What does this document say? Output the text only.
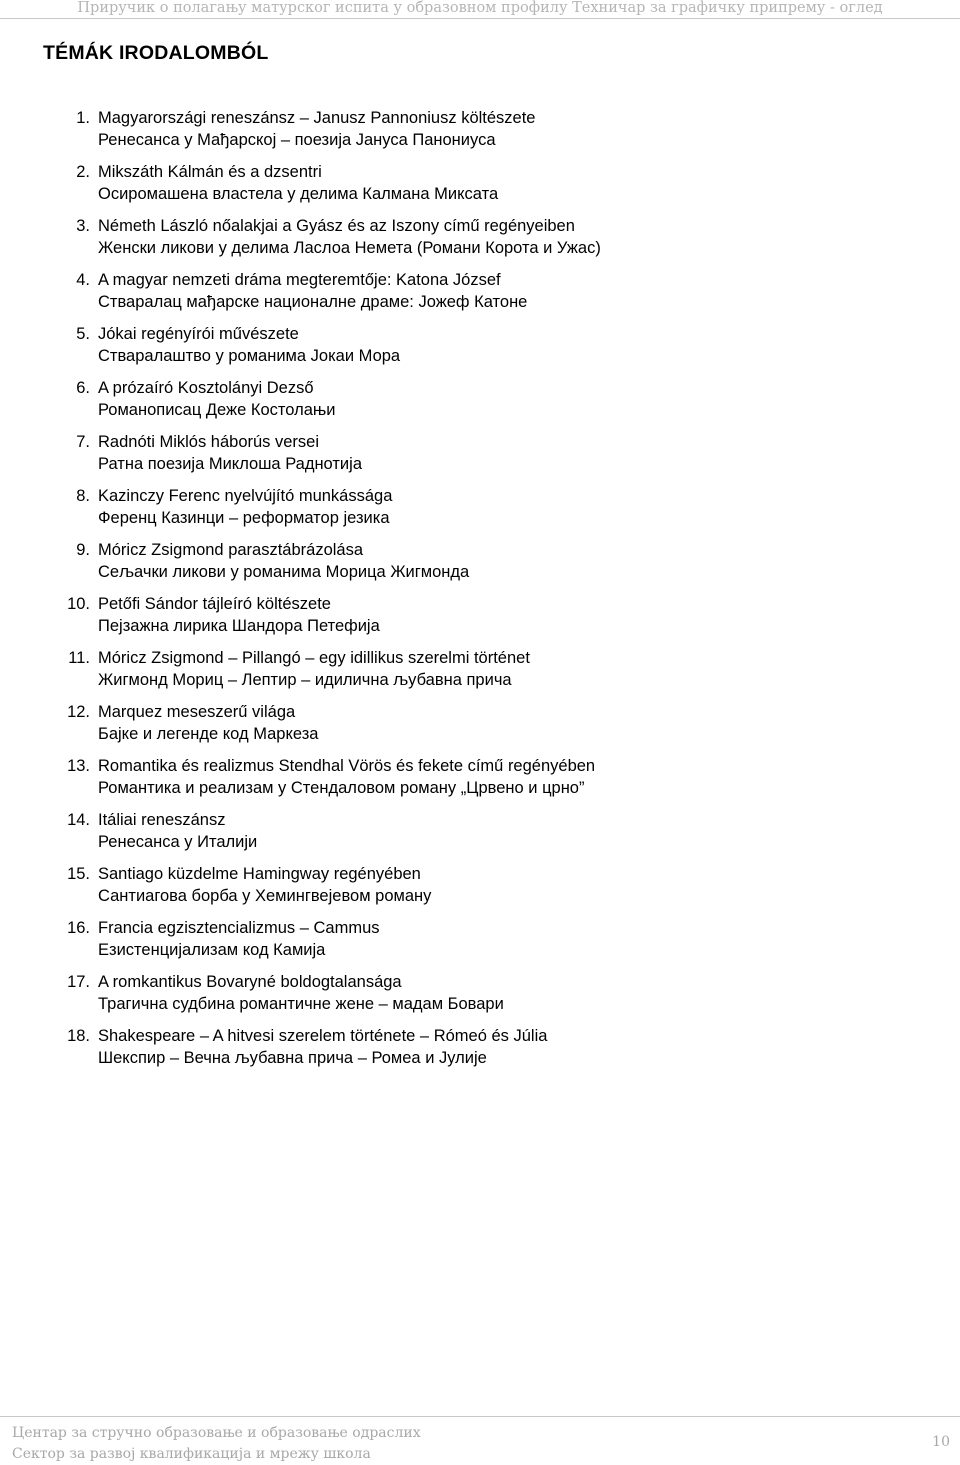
Приручик о полагању матурског испита у образовном профилу Техничар за графичку припрему - оглед
TÉMÁK IRODALOMBÓL
1. Magyarországi reneszánsz – Janusz Pannoniusz költészete
Ренесанса у Мађарској – поезија Јануса Панониуса
2. Mikszáth Kálmán és a dzsentri
Осиромашена властела у делима Калмана Миксата
3. Németh László nőalakjai a Gyász és az Iszony című regényeiben
Женски ликови у делима Ласлоа Немета (Романи Корота и Ужас)
4. A magyar nemzeti dráma megteremtője: Katona József
Стваралац мађарске националне драме: Јожеф Катоне
5. Jókai regényírói művészete
Стваралаштво у романима Јокаи Мора
6. A prózaíró Kosztolányi Dezső
Романописац Деже Костолањи
7. Radnóti Miklós háborús versei
Ратна поезија Миклоша Раднотија
8. Kazinczy Ferenc nyelvújító munkássága
Ференц Казинци – реформатор језика
9. Móricz Zsigmond parasztábrázolása
Сељачки ликови у романима Морица Жигмонда
10. Petőfi Sándor tájleíró költészete
Пејзажна лирика Шандора Петефија
11. Móricz Zsigmond – Pillangó – egy idillikus szerelmi történet
Жигмонд Мориц – Лептир – идилична љубавна прича
12. Marquez meseszerű világa
Бајке и легенде код Маркеза
13. Romantika és realizmus Stendhal Vörös és fekete című regényében
Романтика и реализам у Стендаловом роману „Црвено и црно”
14. Itáliai reneszánsz
Ренесанса у Италији
15. Santiago küzdelme Hamingway regényében
Сантиагова борба у Хемингвејевом роману
16. Francia egzisztencializmus – Cammus
Езистенцијализам код Камија
17. A romkantikus Bovaryné boldogtalansága
Трагична судбина романтичне жене – мадам Бовари
18. Shakespeare – A hitvesi szerelem története – Rómeó és Júlia
Шекспир – Вечна љубавна прича – Ромеа и Јулије
Центар за стручно образовање и образовање одраслих
Сектор за развој квалификација и мрежу школа
10
